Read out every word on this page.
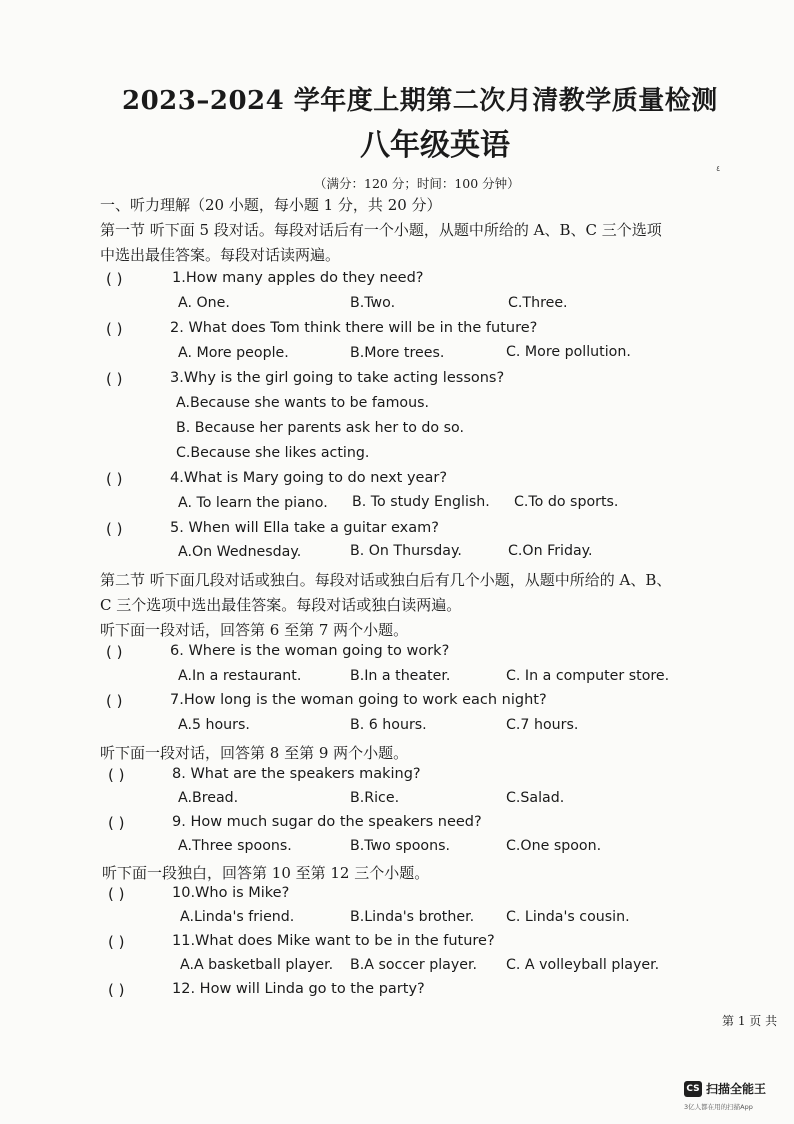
2023–2024 学年度上期第二次月清教学质量检测
八年级英语
٤
（满分：120 分；时间：100 分钟）
一、听力理解（20 小题，每小题 1 分，共 20 分）
第一节 听下面 5 段对话。每段对话后有一个小题，从题中所给的 A、B、C 三个选项
中选出最佳答案。每段对话读两遍。
( )	1.How many apples do they need?
A. One.	B.Two.	C.Three.
( )	2. What does Tom think there will be in the future?
A. More people.	B.More trees.	C. More pollution.
( )	3.Why is the girl going to take acting lessons?
A.Because she wants to be famous.
B. Because her parents ask her to do so.
C.Because she likes acting.
( )	4.What is Mary going to do next year?
A. To learn the piano. B. To study English. C.To do sports.
( )	5. When will Ella take a guitar exam?
A.On Wednesday.	B. On Thursday.	C.On Friday.
第二节 听下面几段对话或独白。每段对话或独白后有几个小题，从题中所给的 A、B、
C 三个选项中选出最佳答案。每段对话或独白读两遍。
听下面一段对话，回答第 6 至第 7 两个小题。
( )	6. Where is the woman going to work?
A.In a restaurant.	B.In a theater.	C. In a computer store.
( )	7.How long is the woman going to work each night?
A.5 hours.	B. 6 hours.	C.7 hours.
听下面一段对话，回答第 8 至第 9 两个小题。
( )	8. What are the speakers making?
A.Bread.	B.Rice.	C.Salad.
( )	9. How much sugar do the speakers need?
A.Three spoons.	B.Two spoons.	C.One spoon.
听下面一段独白，回答第 10 至第 12 三个小题。
( )	10.Who is Mike?
A.Linda's friend.	B.Linda's brother. C. Linda's cousin.
( )	11.What does Mike want to be in the future?
A.A basketball player. B.A soccer player. C. A volleyball player.
( )	12. How will Linda go to the party?
第 1 页 共
CS 扫描全能王
3亿人都在用的扫描App
